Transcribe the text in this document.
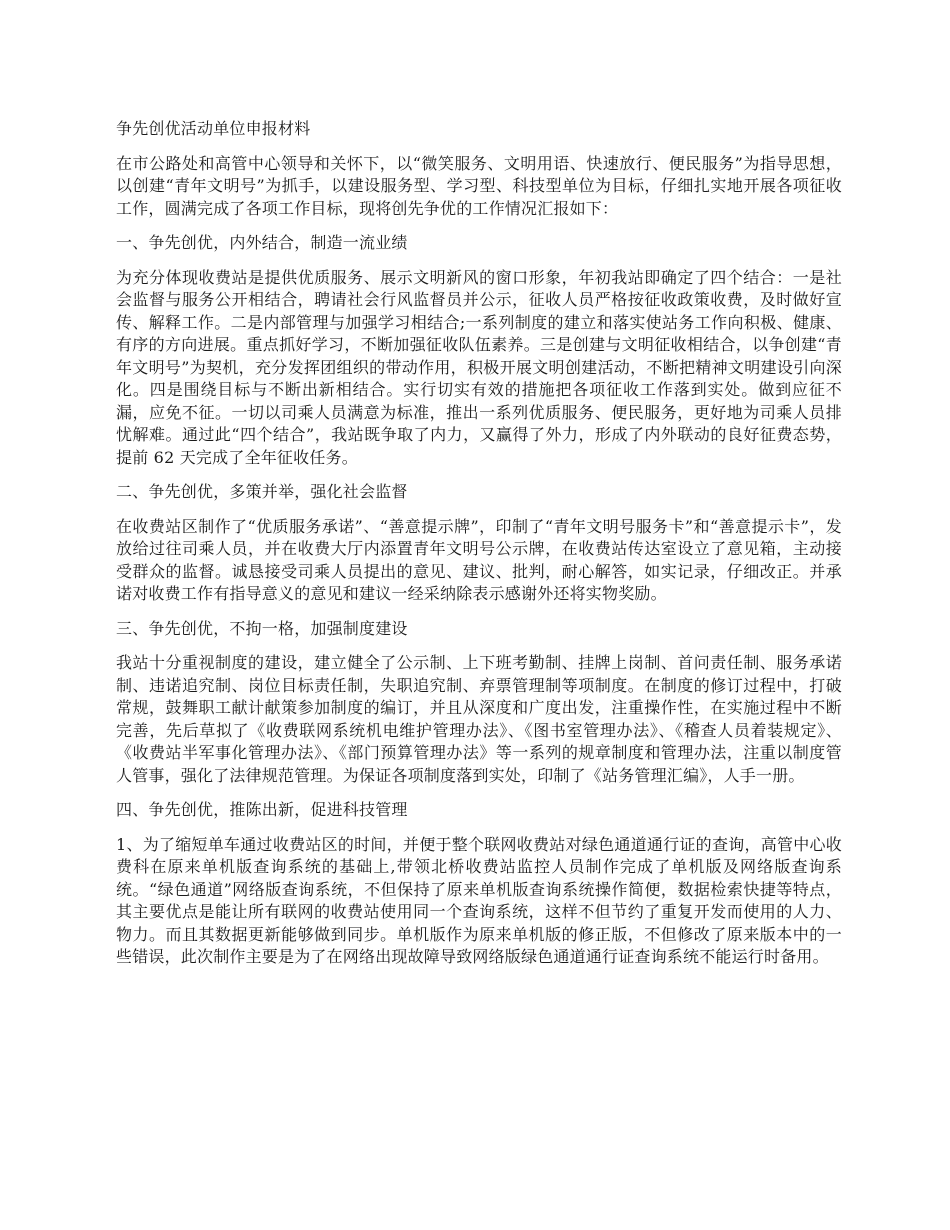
争先创优活动单位申报材料
在市公路处和高管中心领导和关怀下，以“微笑服务、文明用语、快速放行、便民服务”为指导思想，以创建“青年文明号”为抓手，以建设服务型、学习型、科技型单位为目标，仔细扎实地开展各项征收工作，圆满完成了各项工作目标，现将创先争优的工作情况汇报如下：
一、争先创优，内外结合，制造一流业绩
为充分体现收费站是提供优质服务、展示文明新风的窗口形象，年初我站即确定了四个结合：一是社会监督与服务公开相结合，聘请社会行风监督员并公示，征收人员严格按征收政策收费，及时做好宣传、解释工作。二是内部管理与加强学习相结合;一系列制度的建立和落实使站务工作向积极、健康、有序的方向进展。重点抓好学习，不断加强征收队伍素养。三是创建与文明征收相结合，以争创建“青年文明号”为契机，充分发挥团组织的带动作用，积极开展文明创建活动，不断把精神文明建设引向深化。四是围绕目标与不断出新相结合。实行切实有效的措施把各项征收工作落到实处。做到应征不漏，应免不征。一切以司乘人员满意为标准，推出一系列优质服务、便民服务，更好地为司乘人员排忧解难。通过此“四个结合”，我站既争取了内力，又赢得了外力，形成了内外联动的良好征费态势，提前 62 天完成了全年征收任务。
二、争先创优，多策并举，强化社会监督
在收费站区制作了“优质服务承诺”、“善意提示牌”，印制了“青年文明号服务卡”和“善意提示卡”，发放给过往司乘人员，并在收费大厅内添置青年文明号公示牌，在收费站传达室设立了意见箱，主动接受群众的监督。诚恳接受司乘人员提出的意见、建议、批判，耐心解答，如实记录，仔细改正。并承诺对收费工作有指导意义的意见和建议一经采纳除表示感谢外还将实物奖励。
三、争先创优，不拘一格，加强制度建设
我站十分重视制度的建设，建立健全了公示制、上下班考勤制、挂牌上岗制、首问责任制、服务承诺制、违诺追究制、岗位目标责任制，失职追究制、弃票管理制等项制度。在制度的修订过程中，打破常规，鼓舞职工献计献策参加制度的编订，并且从深度和广度出发，注重操作性，在实施过程中不断完善，先后草拟了《收费联网系统机电维护管理办法》、《图书室管理办法》、《稽查人员着装规定》、《收费站半军事化管理办法》、《部门预算管理办法》等一系列的规章制度和管理办法，注重以制度管人管事，强化了法律规范管理。为保证各项制度落到实处，印制了《站务管理汇编》，人手一册。
四、争先创优，推陈出新，促进科技管理
1、为了缩短单车通过收费站区的时间，并便于整个联网收费站对绿色通道通行证的查询，高管中心收费科在原来单机版查询系统的基础上,带领北桥收费站监控人员制作完成了单机版及网络版查询系统。“绿色通道”网络版查询系统，不但保持了原来单机版查询系统操作简便，数据检索快捷等特点，其主要优点是能让所有联网的收费站使用同一个查询系统，这样不但节约了重复开发而使用的人力、物力。而且其数据更新能够做到同步。单机版作为原来单机版的修正版，不但修改了原来版本中的一些错误，此次制作主要是为了在网络出现故障导致网络版绿色通道通行证查询系统不能运行时备用。
